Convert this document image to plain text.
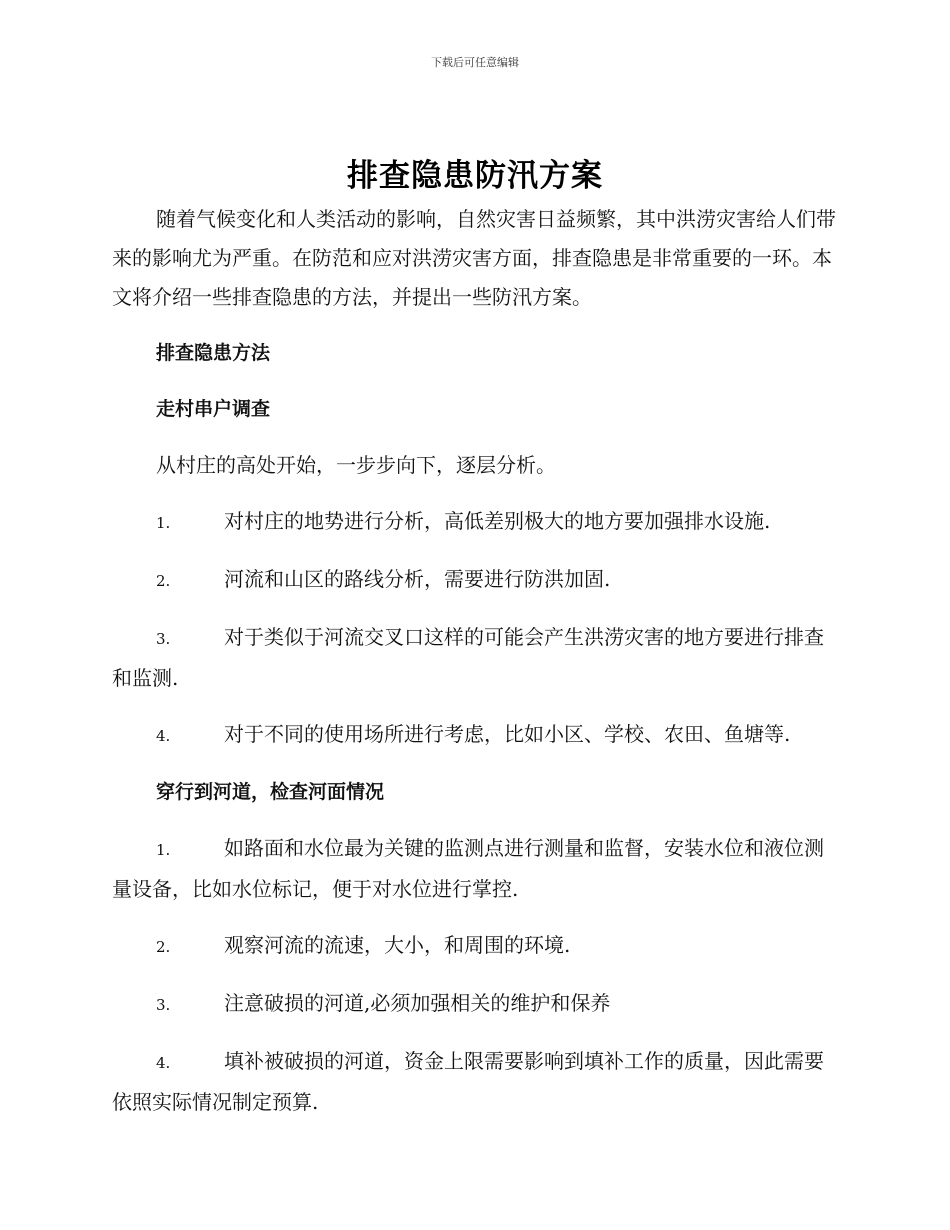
下载后可任意编辑
排查隐患防汛方案

随着气候变化和人类活动的影响，自然灾害日益频繁，其中洪涝灾害给人们带来的影响尤为严重。在防范和应对洪涝灾害方面，排查隐患是非常重要的一环。本文将介绍一些排查隐患的方法，并提出一些防汛方案。

排查隐患方法
走村串户调查

从村庄的高处开始，一步步向下，逐层分析。

1.	对村庄的地势进行分析，高低差别极大的地方要加强排水设施.

2.	河流和山区的路线分析，需要进行防洪加固.

3.	对于类似于河流交叉口这样的可能会产生洪涝灾害的地方要进行排查和监测.

4.	对于不同的使用场所进行考虑，比如小区、学校、农田、鱼塘等.

穿行到河道，检查河面情况

1.	如路面和水位最为关键的监测点进行测量和监督，安装水位和液位测量设备，比如水位标记，便于对水位进行掌控.

2.	观察河流的流速，大小，和周围的环境.

3.	注意破损的河道,必须加强相关的维护和保养

4.	填补被破损的河道，资金上限需要影响到填补工作的质量，因此需要依照实际情况制定预算.
